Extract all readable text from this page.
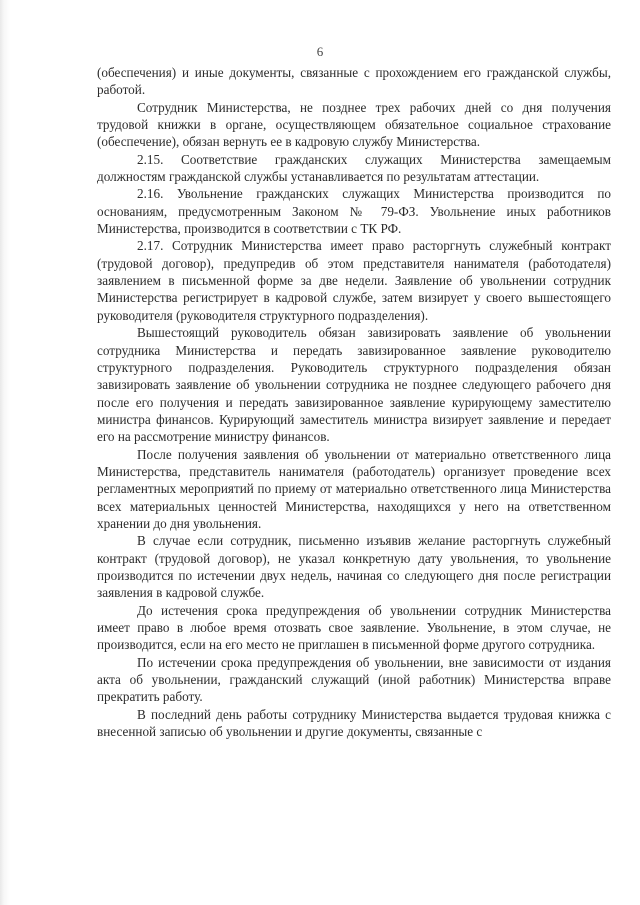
6

(обеспечения) и иные документы, связанные с прохождением его гражданской службы, работой.

Сотрудник Министерства, не позднее трех рабочих дней со дня получения трудовой книжки в органе, осуществляющем обязательное социальное страхование (обеспечение), обязан вернуть ее в кадровую службу Министерства.

2.15. Соответствие гражданских служащих Министерства замещаемым должностям гражданской службы устанавливается по результатам аттестации.

2.16. Увольнение гражданских служащих Министерства производится по основаниям, предусмотренным Законом № 79-ФЗ. Увольнение иных работников Министерства, производится в соответствии с ТК РФ.

2.17. Сотрудник Министерства имеет право расторгнуть служебный контракт (трудовой договор), предупредив об этом представителя нанимателя (работодателя) заявлением в письменной форме за две недели. Заявление об увольнении сотрудник Министерства регистрирует в кадровой службе, затем визирует у своего вышестоящего руководителя (руководителя структурного подразделения).

Вышестоящий руководитель обязан завизировать заявление об увольнении сотрудника Министерства и передать завизированное заявление руководителю структурного подразделения. Руководитель структурного подразделения обязан завизировать заявление об увольнении сотрудника не позднее следующего рабочего дня после его получения и передать завизированное заявление курирующему заместителю министра финансов. Курирующий заместитель министра визирует заявление и передает его на рассмотрение министру финансов.

После получения заявления об увольнении от материально ответственного лица Министерства, представитель нанимателя (работодатель) организует проведение всех регламентных мероприятий по приему от материально ответственного лица Министерства всех материальных ценностей Министерства, находящихся у него на ответственном хранении до дня увольнения.

В случае если сотрудник, письменно изъявив желание расторгнуть служебный контракт (трудовой договор), не указал конкретную дату увольнения, то увольнение производится по истечении двух недель, начиная со следующего дня после регистрации заявления в кадровой службе.

До истечения срока предупреждения об увольнении сотрудник Министерства имеет право в любое время отозвать свое заявление. Увольнение, в этом случае, не производится, если на его место не приглашен в письменной форме другого сотрудника.

По истечении срока предупреждения об увольнении, вне зависимости от издания акта об увольнении, гражданский служащий (иной работник) Министерства вправе прекратить работу.

В последний день работы сотруднику Министерства выдается трудовая книжка с внесенной записью об увольнении и другие документы, связанные с
